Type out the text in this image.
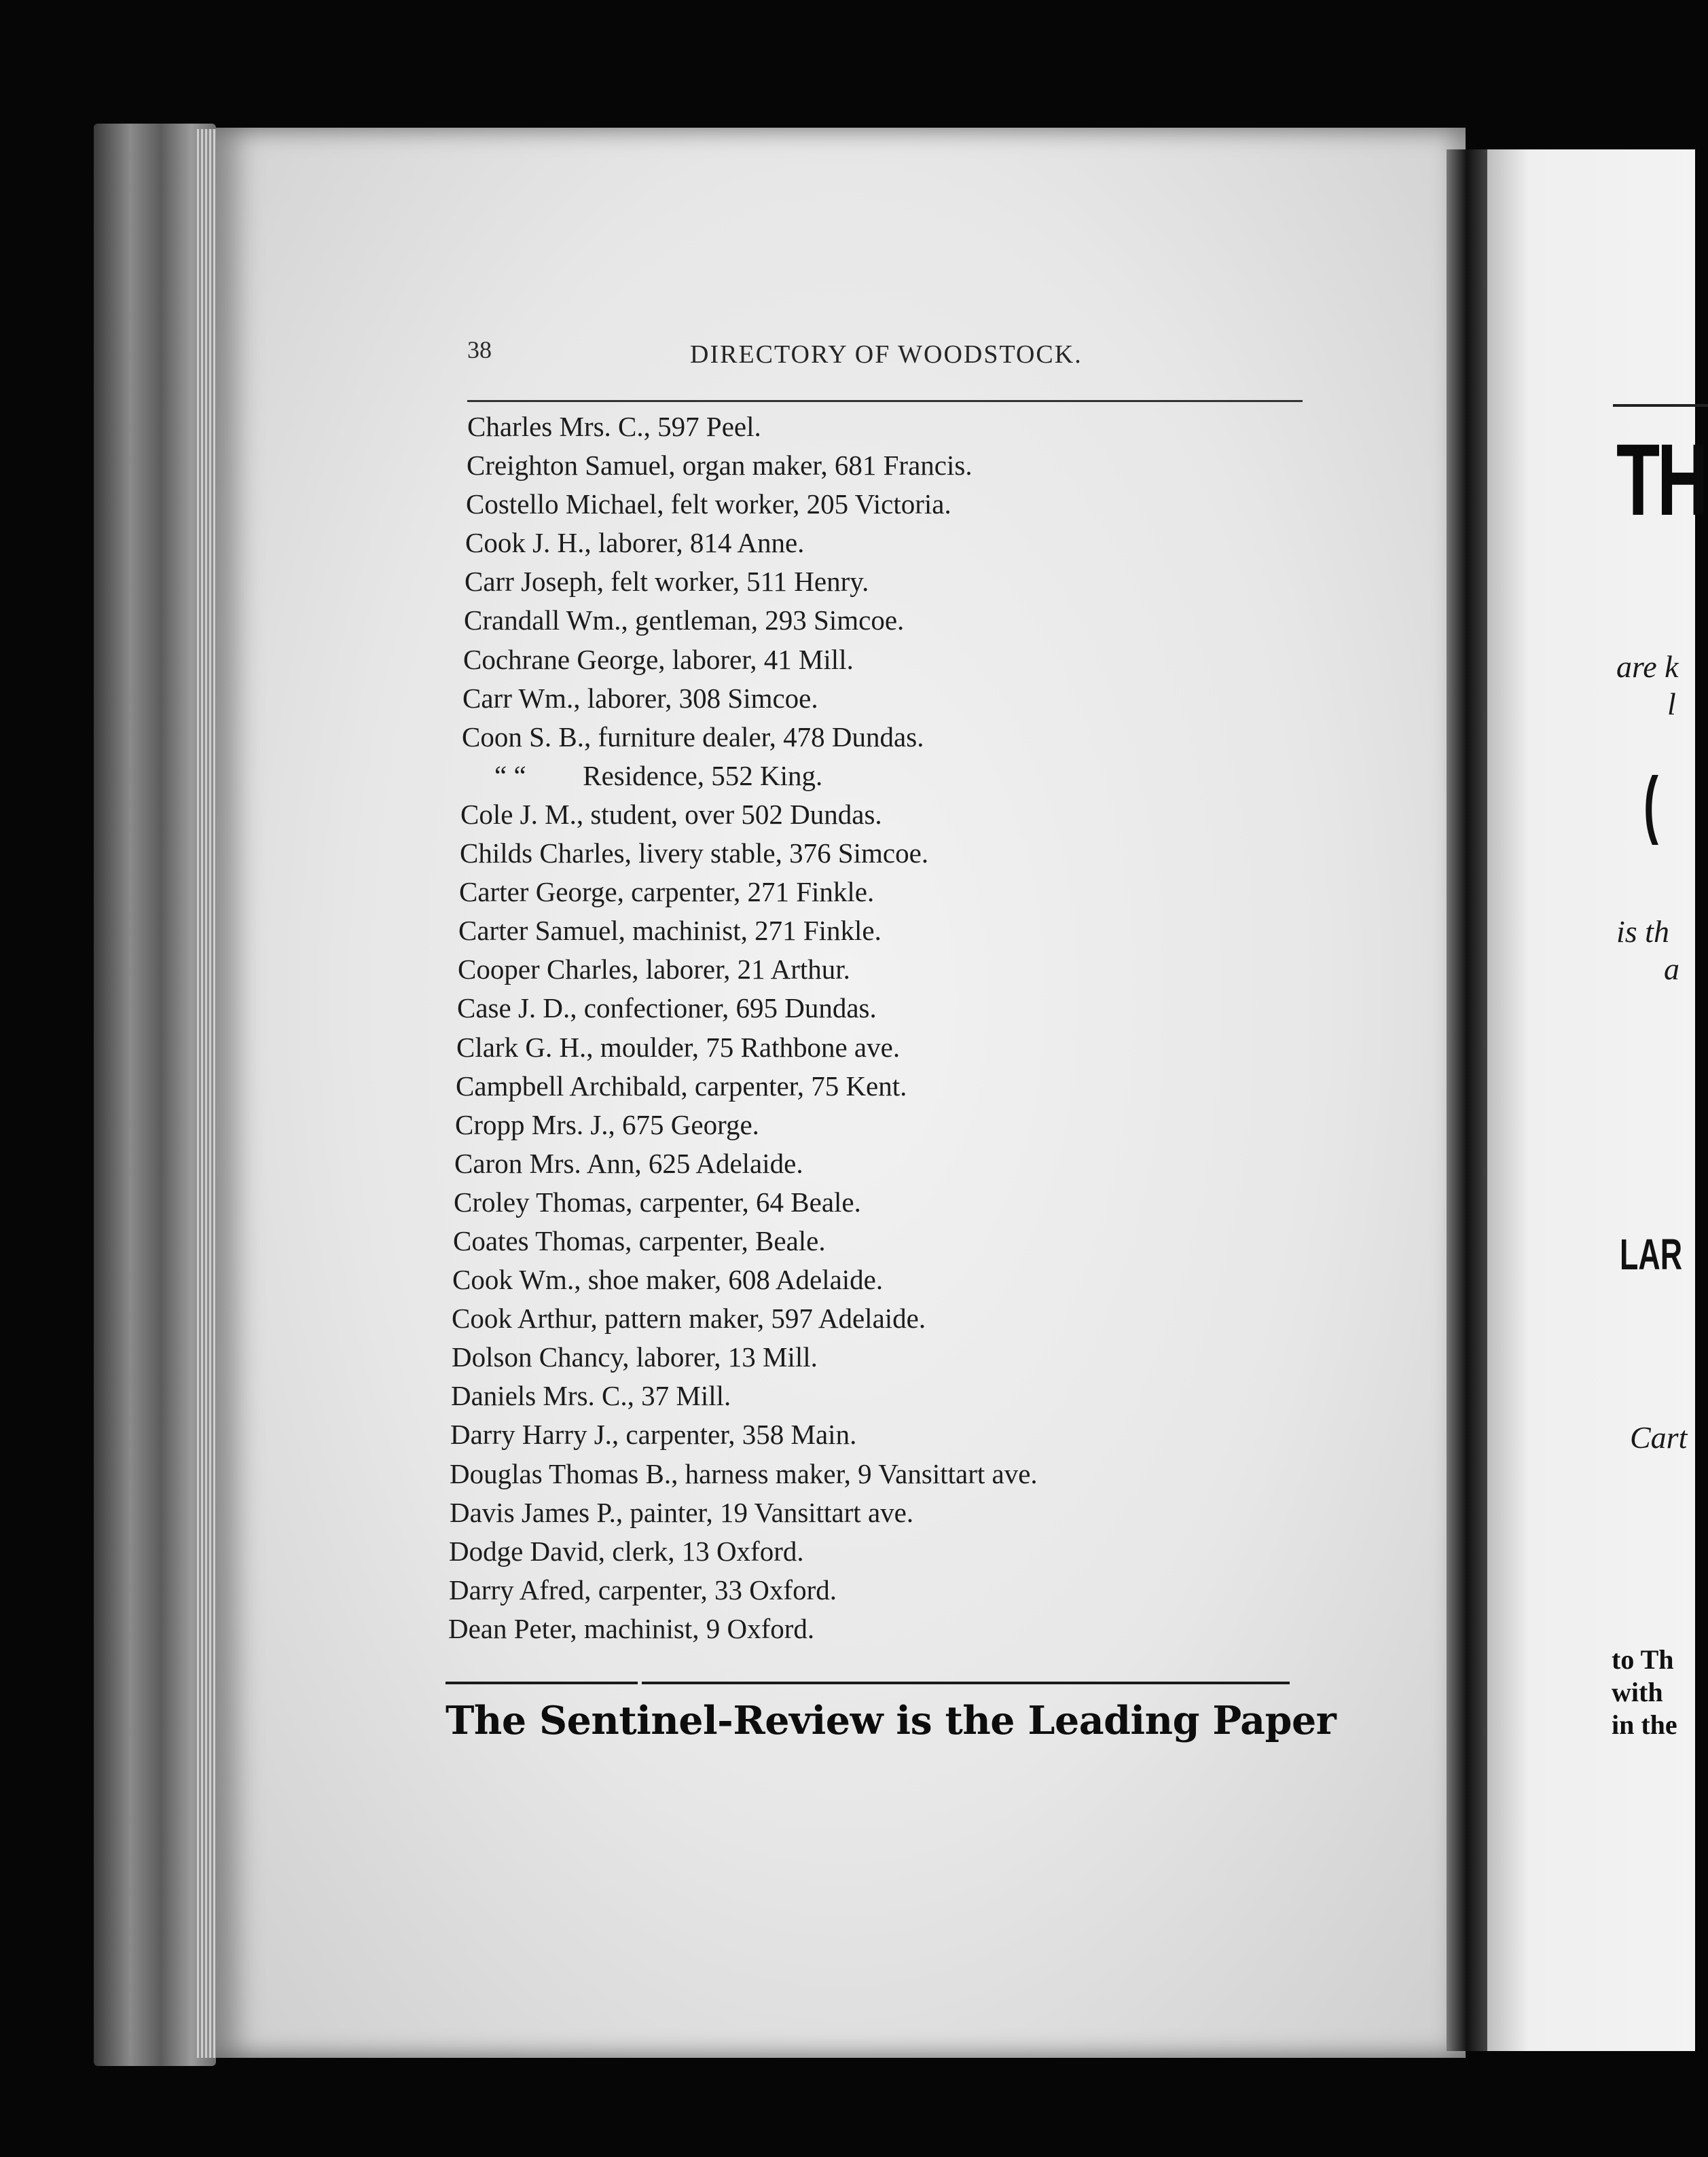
38	DIRECTORY OF WOODSTOCK.
Charles Mrs. C., 597 Peel.
Creighton Samuel, organ maker, 681 Francis.
Costello Michael, felt worker, 205 Victoria.
Cook J. H., laborer, 814 Anne.
Carr Joseph, felt worker, 511 Henry.
Crandall Wm., gentleman, 293 Simcoe.
Cochrane George, laborer, 41 Mill.
Carr Wm., laborer, 308 Simcoe.
Coon S. B., furniture dealer, 478 Dundas.
“ “ Residence, 552 King.
Cole J. M., student, over 502 Dundas.
Childs Charles, livery stable, 376 Simcoe.
Carter George, carpenter, 271 Finkle.
Carter Samuel, machinist, 271 Finkle.
Cooper Charles, laborer, 21 Arthur.
Case J. D., confectioner, 695 Dundas.
Clark G. H., moulder, 75 Rathbone ave.
Campbell Archibald, carpenter, 75 Kent.
Cropp Mrs. J., 675 George.
Caron Mrs. Ann, 625 Adelaide.
Croley Thomas, carpenter, 64 Beale.
Coates Thomas, carpenter, Beale.
Cook Wm., shoe maker, 608 Adelaide.
Cook Arthur, pattern maker, 597 Adelaide.
Dolson Chancy, laborer, 13 Mill.
Daniels Mrs. C., 37 Mill.
Darry Harry J., carpenter, 358 Main.
Douglas Thomas B., harness maker, 9 Vansittart ave.
Davis James P., painter, 19 Vansittart ave.
Dodge David, clerk, 13 Oxford.
Darry Afred, carpenter, 33 Oxford.
Dean Peter, machinist, 9 Oxford.
The Sentinel-Review is the Leading Paper
TH
are k
l
(
is th
a
LAR
Cart
to Th
with
in the
